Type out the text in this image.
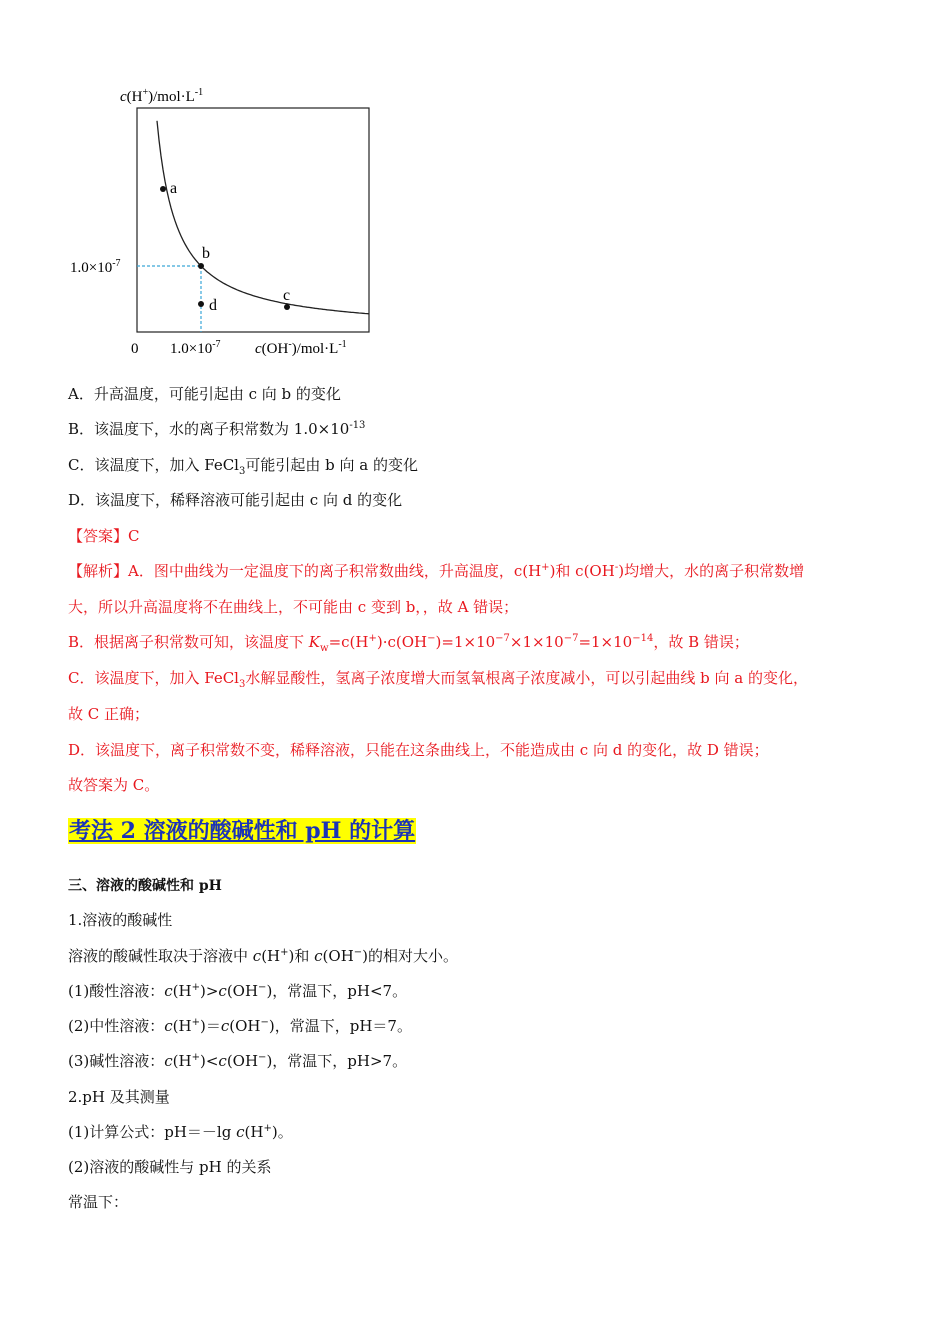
$c(H^+)/mol\cdot L^{-1}$
a
b
c
d
$1.0\times 10^{-7}$
0 $1.0\times 10^{-7}$ $c(OH^-)/mol\cdot L^{-1}$
A．升高温度，可能引起由 c 向 b 的变化
B．该温度下，水的离子积常数为 $1.0\times 10^{-13}$
C．该温度下，加入 FeCl$_3$可能引起由 b 向 a 的变化
D．该温度下，稀释溶液可能引起由 c 向 d 的变化
【答案】C
【解析】A．图中曲线为一定温度下的离子积常数曲线，升高温度，c(H+)和 c(OH-)均增大，水的离子积常数增
大，所以升高温度将不在曲线上，不可能由 c 变到 b，，故 A 错误；
B．根据离子积常数可知，该温度下 $K_w=c(H^+)\cdot c(OH^-)=1\times 10^{-7}\times 1\times 10^{-7}=1\times 10^{-14}$，故 B 错误；
C．该温度下，加入 FeCl$_3$水解显酸性，氢离子浓度增大而氢氧根离子浓度减小，可以引起曲线 b 向 a 的变化，
故 C 正确；
D．该温度下，离子积常数不变，稀释溶液，只能在这条曲线上，不能造成由 c 向 d 的变化，故 D 错误；
故答案为 C。
考法 2 溶液的酸碱性和 pH 的计算
三、溶液的酸碱性和 pH
1.溶液的酸碱性
溶液的酸碱性取决于溶液中 c(H+)和 c(OH−)的相对大小。
(1)酸性溶液：c(H+)>c(OH−)，常温下，pH<7。
(2)中性溶液：c(H+)＝c(OH−)，常温下，pH＝7。
(3)碱性溶液：c(H+)<c(OH−)，常温下，pH>7。
2.pH 及其测量
(1)计算公式：pH＝－lg c(H+)。
(2)溶液的酸碱性与 pH 的关系
常温下：
